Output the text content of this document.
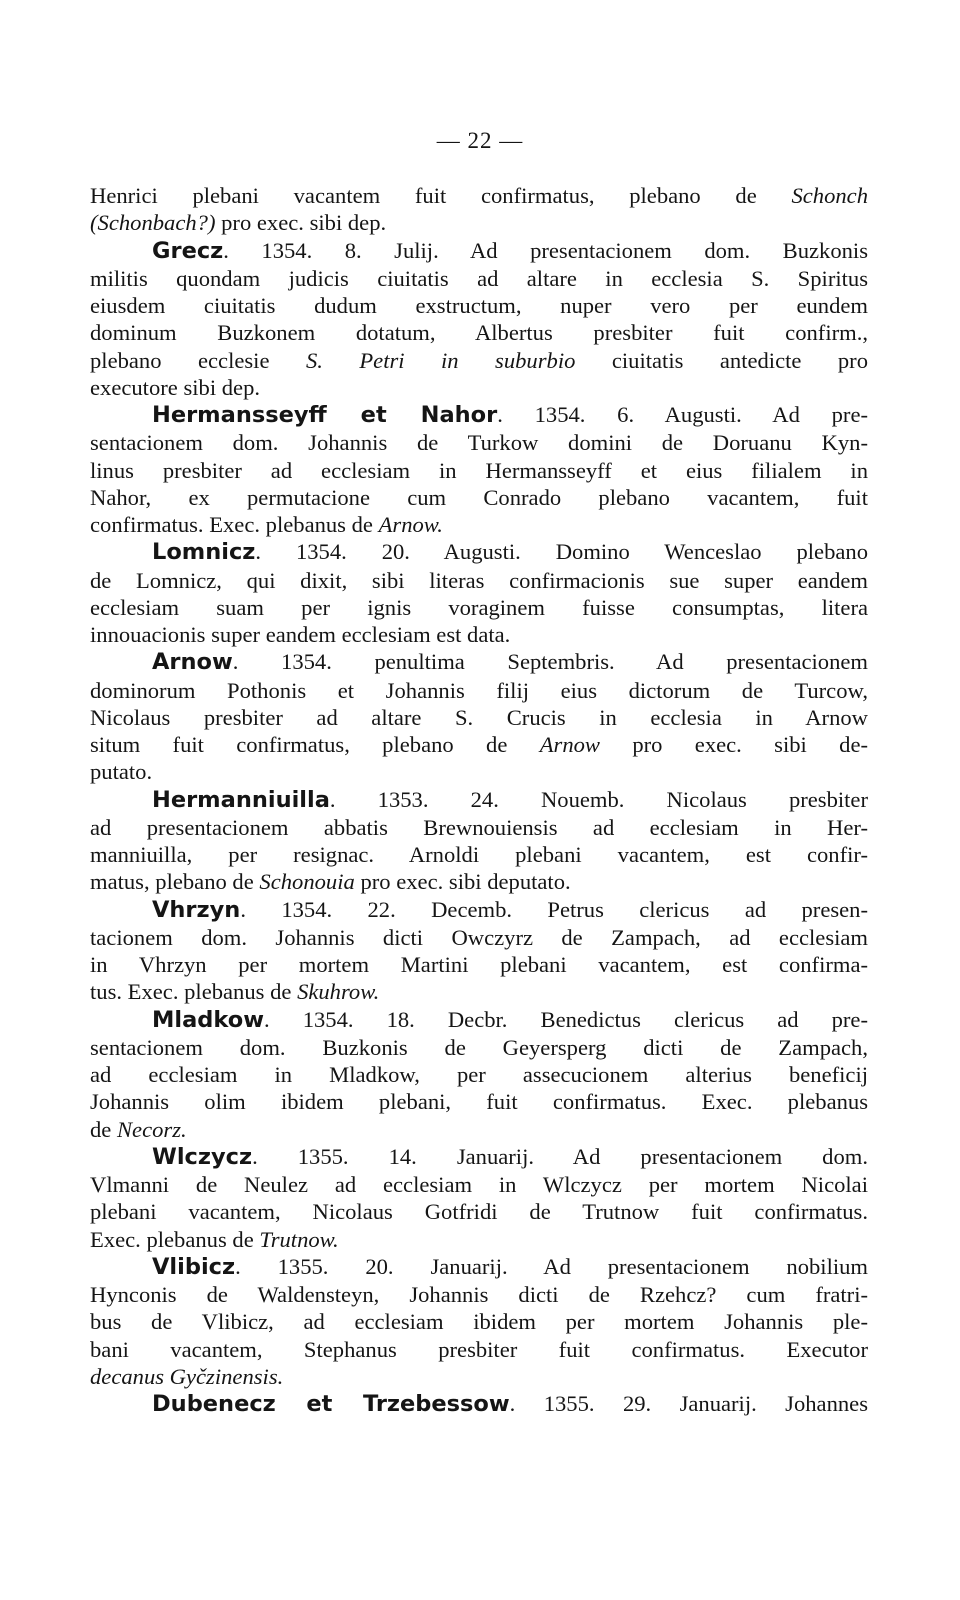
— 22 —
Henrici plebani vacantem fuit confirmatus, plebano de Schonch
(Schonbach?) pro exec. sibi dep.
Grecz. 1354. 8. Julij. Ad presentacionem dom. Buzkonis
militis quondam judicis ciuitatis ad altare in ecclesia S. Spiritus
eiusdem ciuitatis dudum exstructum, nuper vero per eundem
dominum Buzkonem dotatum, Albertus presbiter fuit confirm.,
plebano ecclesie S. Petri in suburbio ciuitatis antedicte pro
executore sibi dep.
Hermansseyff et Nahor. 1354. 6. Augusti. Ad pre-
sentacionem dom. Johannis de Turkow domini de Doruanu Kyn-
linus presbiter ad ecclesiam in Hermansseyff et eius filialem in
Nahor, ex permutacione cum Conrado plebano vacantem, fuit
confirmatus. Exec. plebanus de Arnow.
Lomnicz. 1354. 20. Augusti. Domino Wenceslao plebano
de Lomnicz, qui dixit, sibi literas confirmacionis sue super eandem
ecclesiam suam per ignis voraginem fuisse consumptas, litera
innouacionis super eandem ecclesiam est data.
Arnow. 1354. penultima Septembris. Ad presentacionem
dominorum Pothonis et Johannis filij eius dictorum de Turcow,
Nicolaus presbiter ad altare S. Crucis in ecclesia in Arnow
situm fuit confirmatus, plebano de Arnow pro exec. sibi de-
putato.
Hermanniuilla. 1353. 24. Nouemb. Nicolaus presbiter
ad presentacionem abbatis Brewnouiensis ad ecclesiam in Her-
manniuilla, per resignac. Arnoldi plebani vacantem, est confir-
matus, plebano de Schonouia pro exec. sibi deputato.
Vhrzyn. 1354. 22. Decemb. Petrus clericus ad presen-
tacionem dom. Johannis dicti Owczyrz de Zampach, ad ecclesiam
in Vhrzyn per mortem Martini plebani vacantem, est confirma-
tus. Exec. plebanus de Skuhrow.
Mladkow. 1354. 18. Decbr. Benedictus clericus ad pre-
sentacionem dom. Buzkonis de Geyersperg dicti de Zampach,
ad ecclesiam in Mladkow, per assecucionem alterius beneficij
Johannis olim ibidem plebani, fuit confirmatus. Exec. plebanus
de Necorz.
Wlczycz. 1355. 14. Januarij. Ad presentacionem dom.
Vlmanni de Neulez ad ecclesiam in Wlczycz per mortem Nicolai
plebani vacantem, Nicolaus Gotfridi de Trutnow fuit confirmatus.
Exec. plebanus de Trutnow.
Vlibicz. 1355. 20. Januarij. Ad presentacionem nobilium
Hynconis de Waldensteyn, Johannis dicti de Rzehcz? cum fratri-
bus de Vlibicz, ad ecclesiam ibidem per mortem Johannis ple-
bani vacantem, Stephanus presbiter fuit confirmatus. Executor
decanus Gyčzinensis.
Dubenecz et Trzebessow. 1355. 29. Januarij. Johannes
